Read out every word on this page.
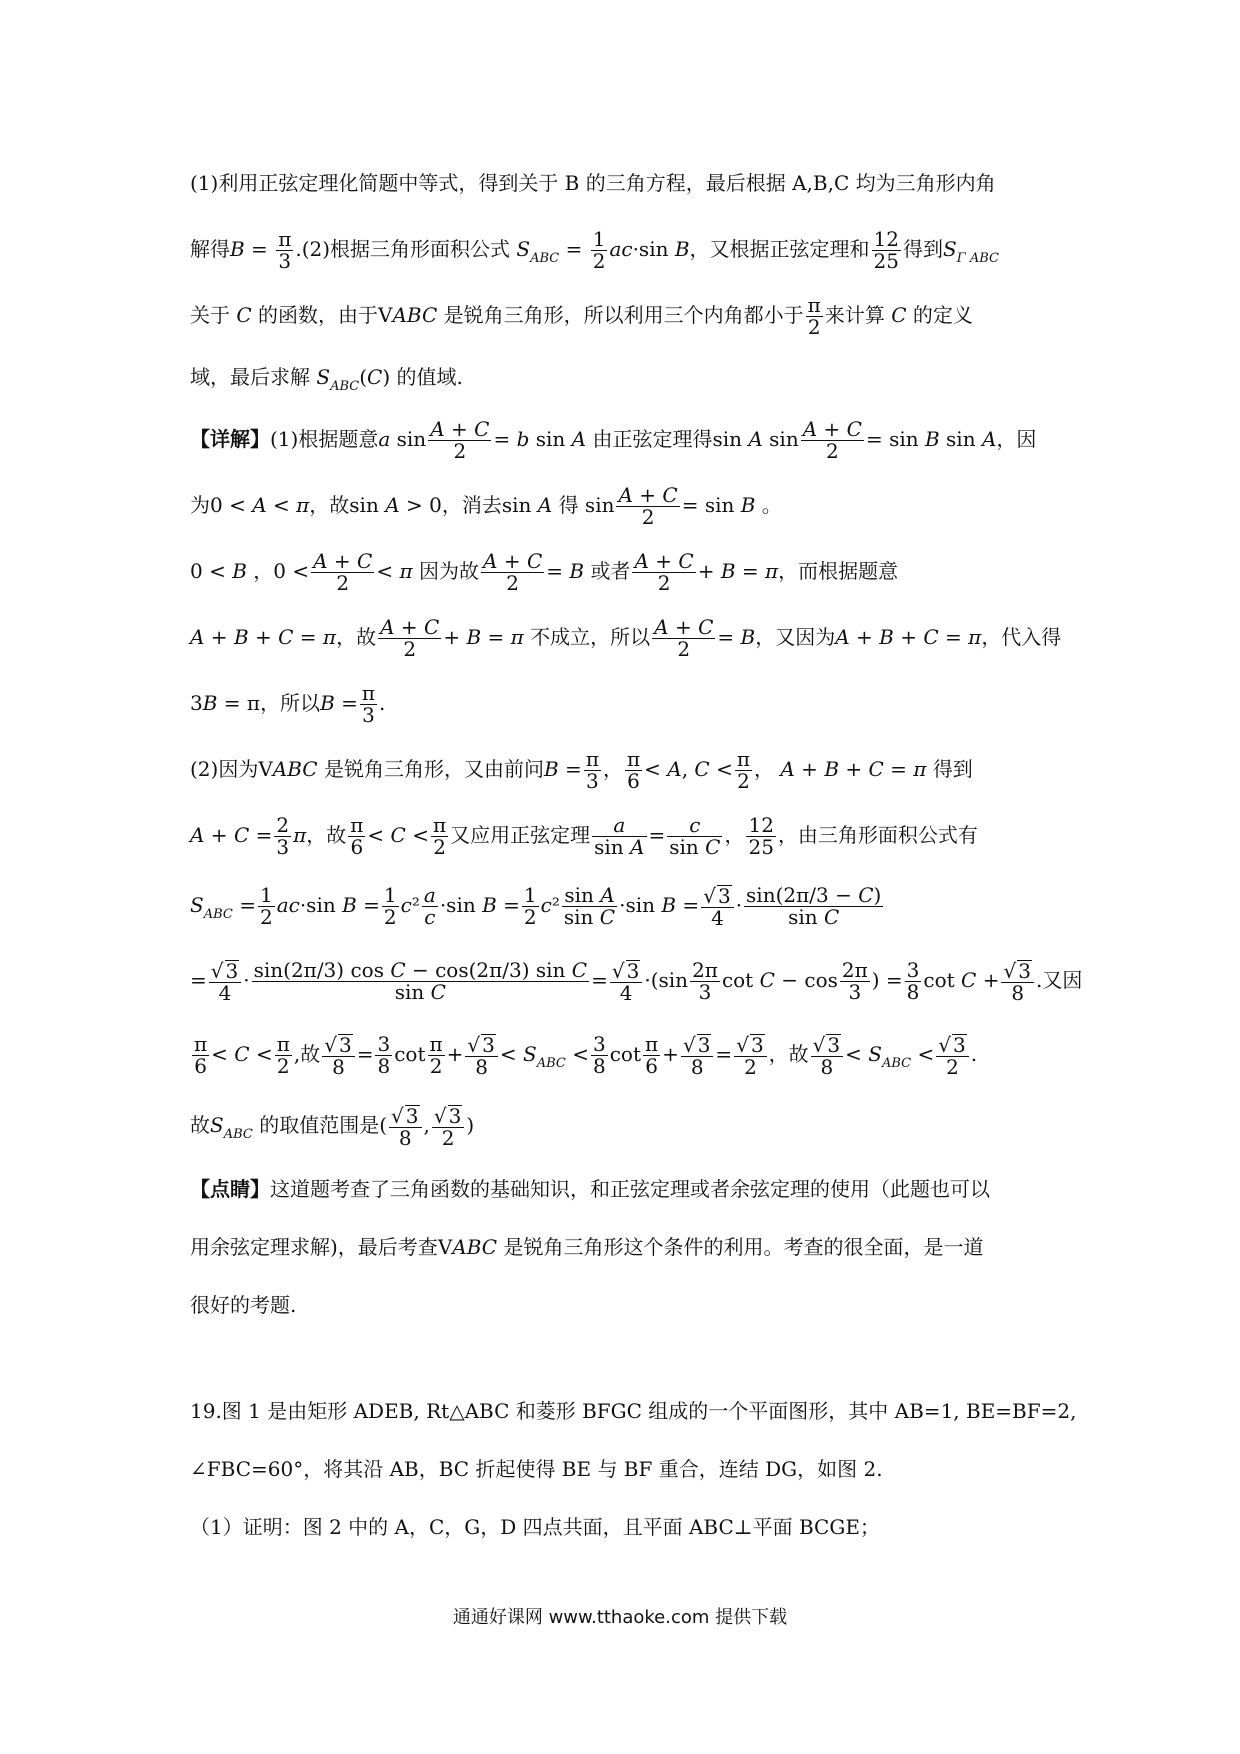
(1)利用正弦定理化简题中等式，得到关于 B 的三角方程，最后根据 A,B,C 均为三角形内角
解得$B = \frac{\pi}{3} .(2)$根据三角形面积公式 $S_{ABC} = \frac{1}{2} ac\cdot\sin$ B，又根据正弦定理和 $\frac{12}{25}$ 得到$S_{\Gamma ABC}$
关于 C 的函数，由于VABC 是锐角三角形，所以利用三个内角都小于 $\frac{\pi}{2}$ 来计算 C 的定义
域，最后求解 $S_{ABC}(C)$ 的值域.
【详解】(1)根据题意a $\sin \frac{A + C}{2} = b$ sin A 由正弦定理得sin A $\sin \frac{A + C}{2} = \sin B$ sin A，因
为0 < A < π，故sin A > 0，消去sin A 得 $\sin \frac{A + C}{2} = \sin B$ 。
0 < B ，$0 < \frac{A + C}{2} < \pi$ 因为故 $\frac{A + C}{2} = B$ 或者 $\frac{A + C}{2} + B = \pi$，而根据题意
A + B + C = π，故 $\frac{A + C}{2} + B = \pi$ 不成立，所以 $\frac{A + C}{2} = B$，又因为A + B + C = π，代入得
3B = π，所以$B = \frac{\pi}{3}$ .
(2)因为VABC 是锐角三角形，又由前问$B = \frac{\pi}{3}$ ， $\frac{\pi}{6} < A$, $C < \frac{\pi}{2}$ ， A + B + C = π 得到
$A + C = \frac{2}{3}$ π，故 $\frac{\pi}{6} < C < \frac{\pi}{2}$ 又应用正弦定理 $\frac{a}{\text{sin A}} = \frac{c}{\text{sin C}}$ ， $\frac{12}{25}$ ，由三角形面积公式有
$S_{ABC} = \frac{1}{2} ac\cdot\sin$ $B = \frac{1}{2} c^2 \frac{a}{c} \cdot\sin$ $B = \frac{1}{2} c^2 \frac{\text{sin A}}{\text{sin C}} \cdot\sin$ $B = \frac{√ 3}{4} \cdot \frac{\sin(2\pi/3 - C)}{\text{sin C}}$
= $\frac{√ 3}{4} \cdot \frac{\text{sin(2π/3) cos C − cos(2π/3) sin C}}{\text{sin C}} = \frac{√ 3}{4} \cdot(\sin \frac{2\pi}{3}$ $\cot C - \cos \frac{2\pi}{3}$ ) = $\frac{3}{8}$ $\cot C + \frac{√ 3}{8}$ .又因
$\frac{\pi}{6} < C < \frac{\pi}{2}$ ,故 $\frac{√ 3}{8} = \frac{3}{8}$ $\cot \frac{\pi}{2} + \frac{√ 3}{8} < S_{ABC} < \frac{3}{8}$ $\cot \frac{\pi}{6} + \frac{√ 3}{8} = \frac{√ 3}{2}$ ，故 $\frac{√ 3}{8} < S_{ABC} < \frac{√ 3}{2}$ .
故$S_{ABC}$ 的取值范围是( $\frac{√ 3}{8}$ , $\frac{√ 3}{2}$ )
【点睛】这道题考查了三角函数的基础知识，和正弦定理或者余弦定理的使用（此题也可以
用余弦定理求解)，最后考查VABC 是锐角三角形这个条件的利用。考查的很全面，是一道
很好的考题.
19.图 1 是由矩形 ADEB, Rt△ABC 和菱形 BFGC 组成的一个平面图形，其中 AB=1, BE=BF=2,
∠FBC=60°，将其沿 AB，BC 折起使得 BE 与 BF 重合，连结 DG，如图 2.
（1）证明：图 2 中的 A，C，G，D 四点共面，且平面 ABC⊥平面 BCGE；
通通好课网 www.tthaoke.com 提供下载
